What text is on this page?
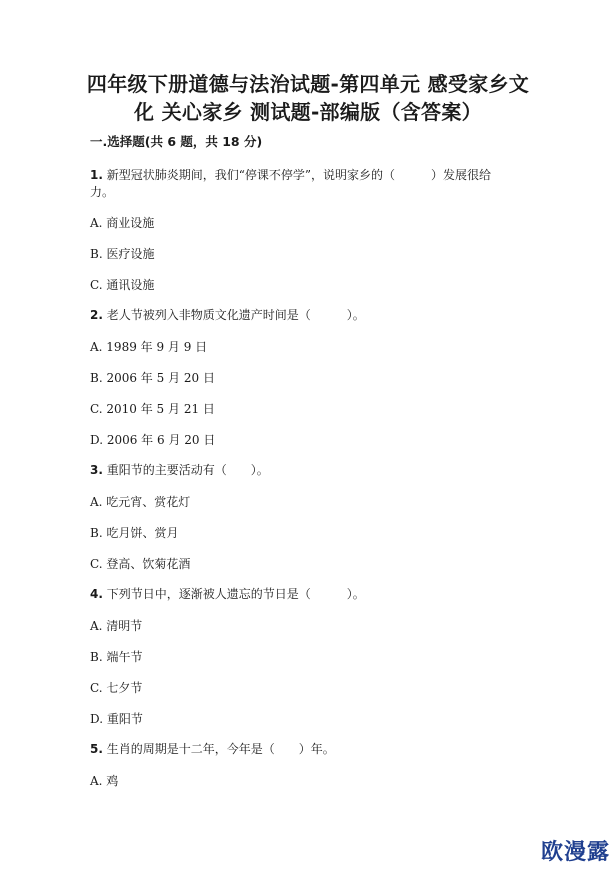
四年级下册道德与法治试题-第四单元 感受家乡文
化 关心家乡 测试题-部编版（含答案）
一.选择题(共 6 题，共 18 分)
1. 新型冠状肺炎期间，我们“停课不停学”，说明家乡的（　　　）发展很给
力。
A. 商业设施
B. 医疗设施
C. 通讯设施
2. 老人节被列入非物质文化遗产时间是（　　　）。
A. 1989 年 9 月 9 日
B. 2006 年 5 月 20 日
C. 2010 年 5 月 21 日
D. 2006 年 6 月 20 日
3. 重阳节的主要活动有（　　）。
A. 吃元宵、赏花灯
B. 吃月饼、赏月
C. 登高、饮菊花酒
4. 下列节日中，逐渐被人遗忘的节日是（　　　）。
A. 清明节
B. 端午节
C. 七夕节
D. 重阳节
5. 生肖的周期是十二年，今年是（　　）年。
A. 鸡
欧漫露
